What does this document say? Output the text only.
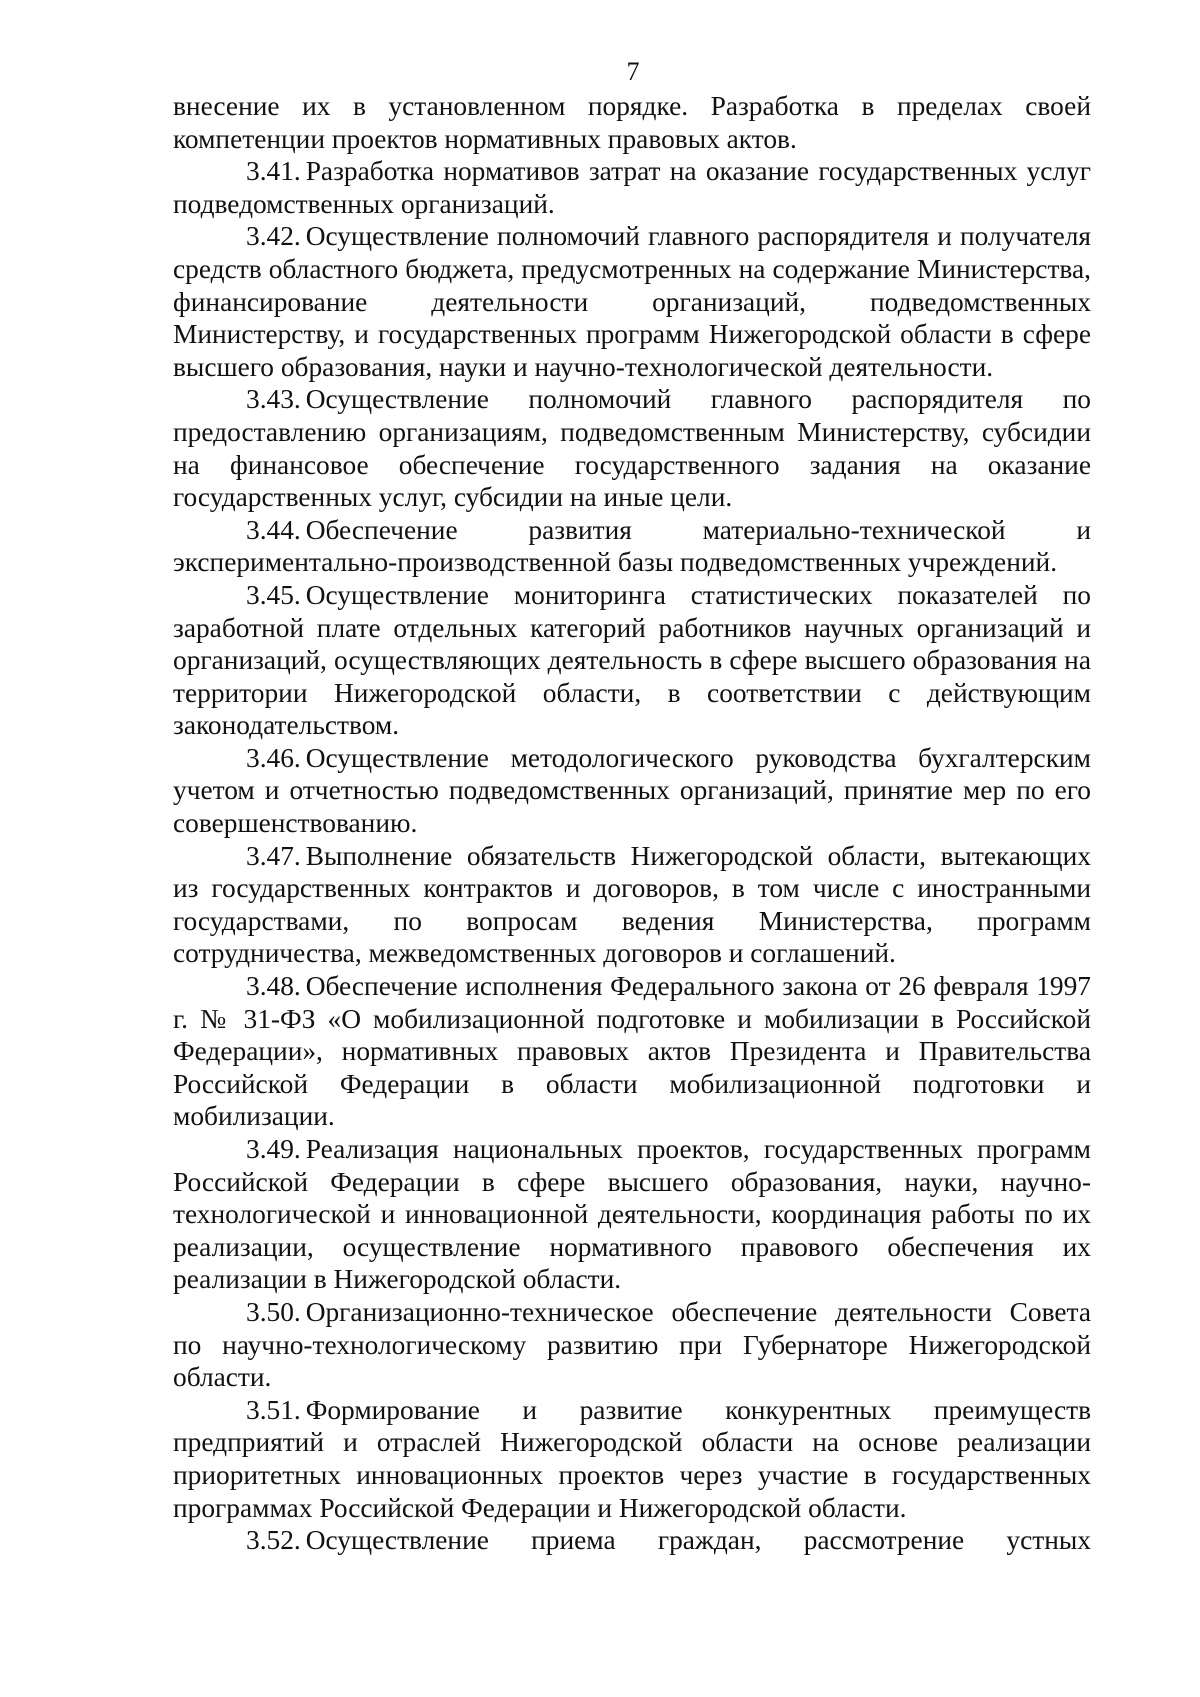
7

внесение их в установленном порядке. Разработка в пределах своей компетенции проектов нормативных правовых актов.

3.41. Разработка нормативов затрат на оказание государственных услуг подведомственных организаций.

3.42. Осуществление полномочий главного распорядителя и получателя средств областного бюджета, предусмотренных на содержание Министерства, финансирование деятельности организаций, подведомственных Министерству, и государственных программ Нижегородской области в сфере высшего образования, науки и научно-технологической деятельности.

3.43. Осуществление полномочий главного распорядителя по предоставлению организациям, подведомственным Министерству, субсидии на финансовое обеспечение государственного задания на оказание государственных услуг, субсидии на иные цели.

3.44. Обеспечение развития материально-технической и экспериментально-производственной базы подведомственных учреждений.

3.45. Осуществление мониторинга статистических показателей по заработной плате отдельных категорий работников научных организаций и организаций, осуществляющих деятельность в сфере высшего образования на территории Нижегородской области, в соответствии с действующим законодательством.

3.46. Осуществление методологического руководства бухгалтерским учетом и отчетностью подведомственных организаций, принятие мер по его совершенствованию.

3.47. Выполнение обязательств Нижегородской области, вытекающих из государственных контрактов и договоров, в том числе с иностранными государствами, по вопросам ведения Министерства, программ сотрудничества, межведомственных договоров и соглашений.

3.48. Обеспечение исполнения Федерального закона от 26 февраля 1997 г. № 31-ФЗ «О мобилизационной подготовке и мобилизации в Российской Федерации», нормативных правовых актов Президента и Правительства Российской Федерации в области мобилизационной подготовки и мобилизации.

3.49. Реализация национальных проектов, государственных программ Российской Федерации в сфере высшего образования, науки, научно-технологической и инновационной деятельности, координация работы по их реализации, осуществление нормативного правового обеспечения их реализации в Нижегородской области.

3.50. Организационно-техническое обеспечение деятельности Совета по научно-технологическому развитию при Губернаторе Нижегородской области.

3.51. Формирование и развитие конкурентных преимуществ предприятий и отраслей Нижегородской области на основе реализации приоритетных инновационных проектов через участие в государственных программах Российской Федерации и Нижегородской области.

3.52. Осуществление приема граждан, рассмотрение устных
